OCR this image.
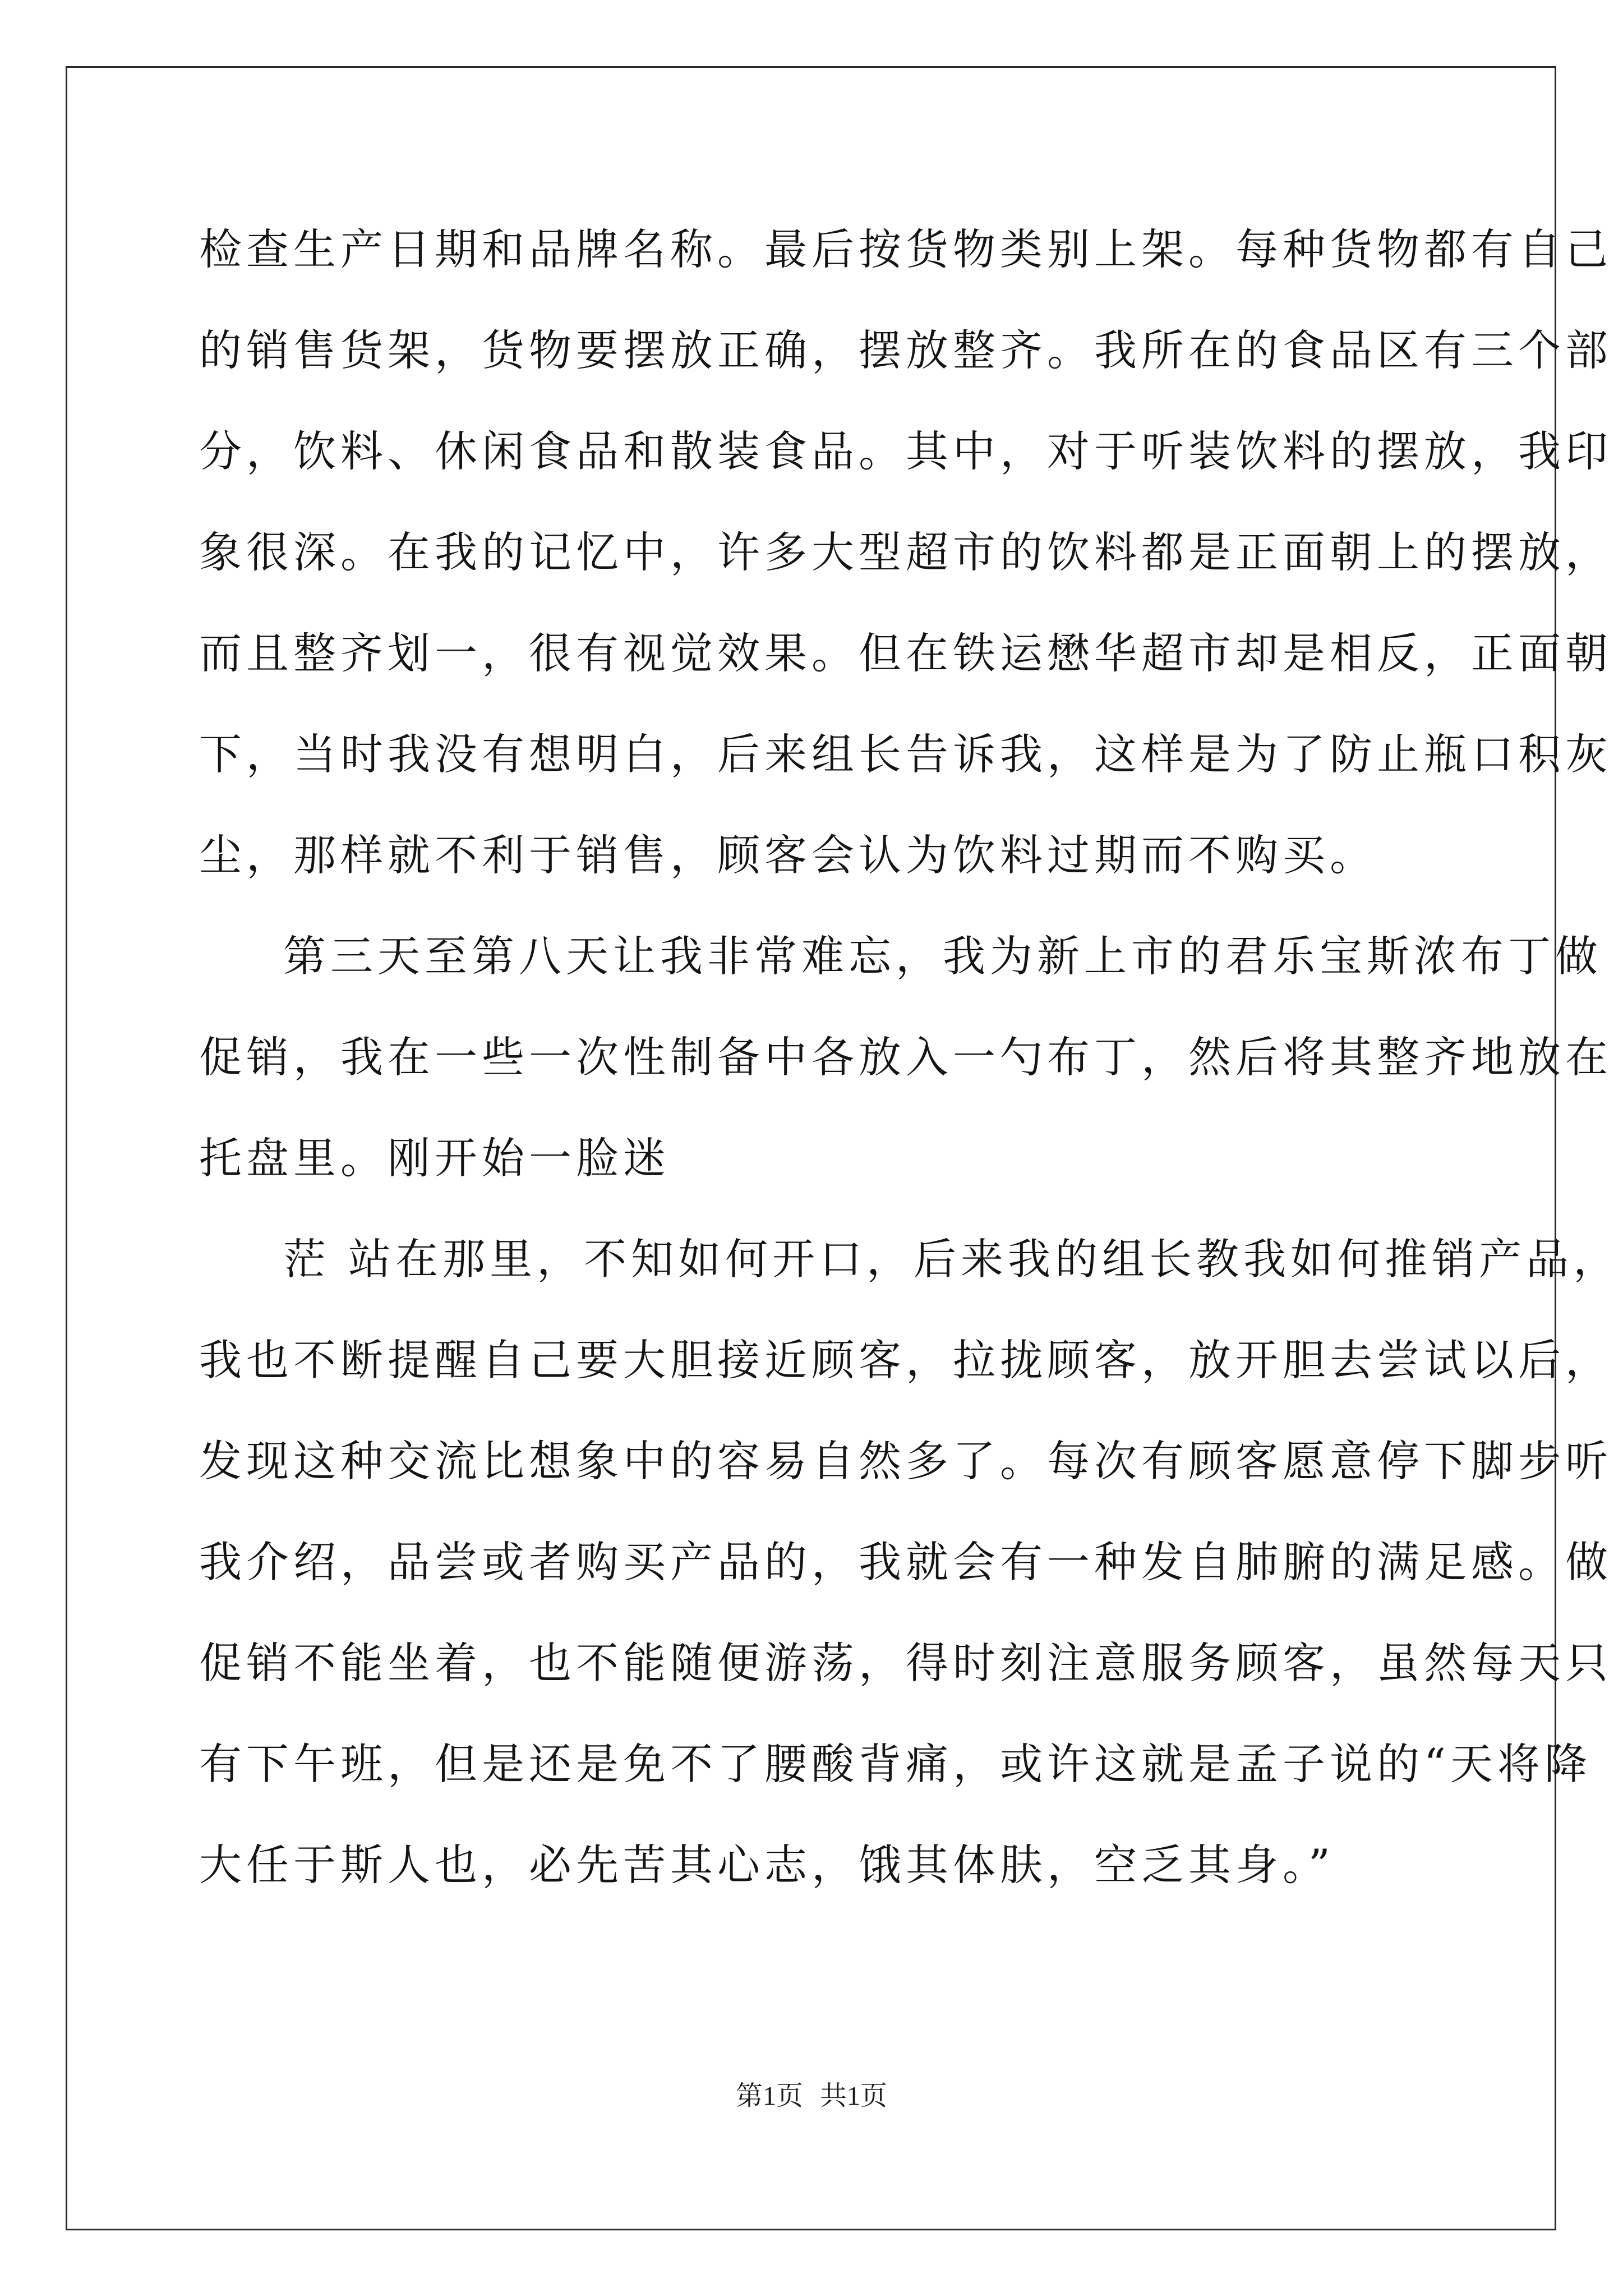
检查生产日期和品牌名称。最后按货物类别上架。每种货物都有自己
的销售货架，货物要摆放正确，摆放整齐。我所在的食品区有三个部
分，饮料、休闲食品和散装食品。其中，对于听装饮料的摆放，我印
象很深。在我的记忆中，许多大型超市的饮料都是正面朝上的摆放，
而且整齐划一，很有视觉效果。但在铁运懋华超市却是相反，正面朝
下，当时我没有想明白，后来组长告诉我，这样是为了防止瓶口积灰
尘，那样就不利于销售，顾客会认为饮料过期而不购买。
第三天至第八天让我非常难忘，我为新上市的君乐宝斯浓布丁做
促销，我在一些一次性制备中各放入一勺布丁，然后将其整齐地放在
托盘里。刚开始一脸迷
茫 站在那里，不知如何开口，后来我的组长教我如何推销产品，
我也不断提醒自己要大胆接近顾客，拉拢顾客，放开胆去尝试以后，
发现这种交流比想象中的容易自然多了。每次有顾客愿意停下脚步听
我介绍，品尝或者购买产品的，我就会有一种发自肺腑的满足感。做
促销不能坐着，也不能随便游荡，得时刻注意服务顾客，虽然每天只
有下午班，但是还是免不了腰酸背痛，或许这就是孟子说的“天将降
大任于斯人也，必先苦其心志，饿其体肤，空乏其身。”
第1页 共1页
